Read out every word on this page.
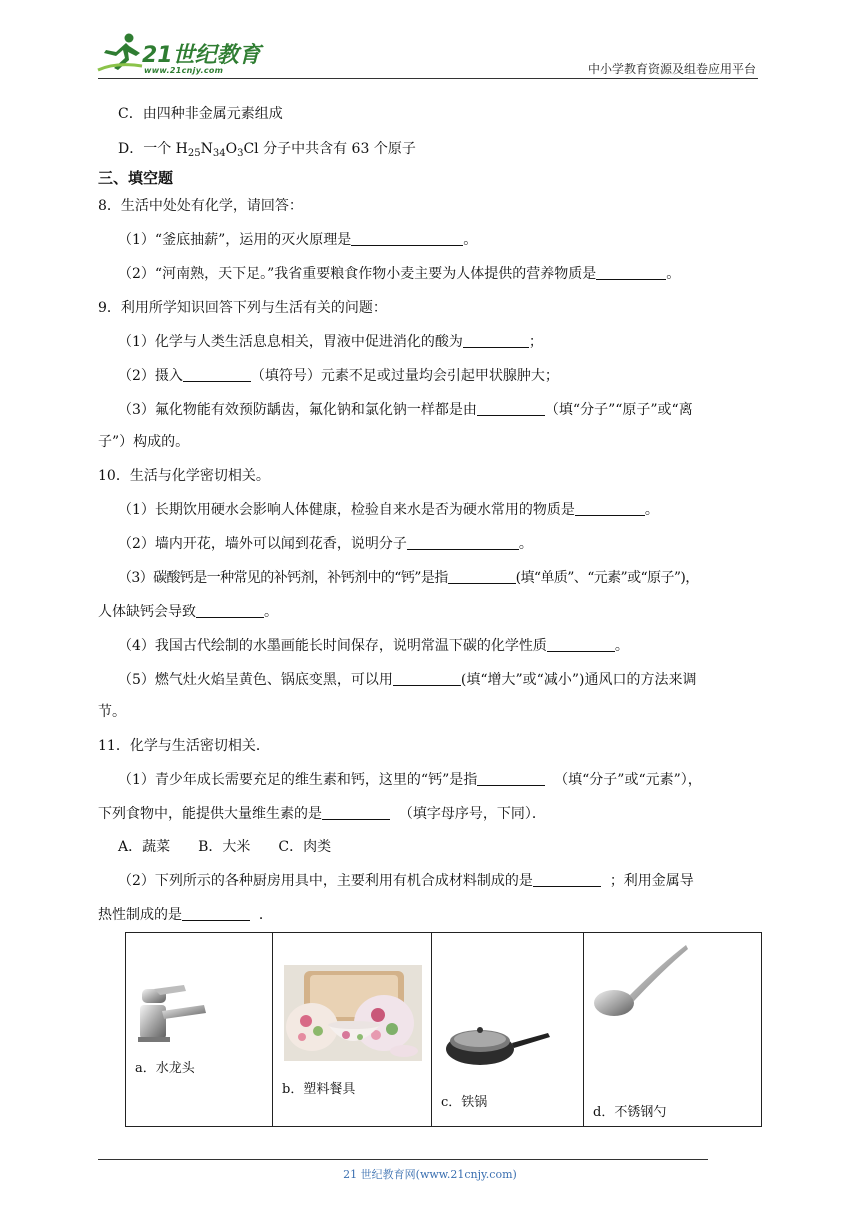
21世纪教育
www.21cnjy.com	中小学教育资源及组卷应用平台
C．由四种非金属元素组成
D．一个 $H_{25}N_{34}O_3Cl$ 分子中共含有 63 个原子
三、填空题
8．生活中处处有化学，请回答：
（1）“釜底抽薪”，运用的灭火原理是	。
（2）“河南熟，天下足。”我省重要粮食作物小麦主要为人体提供的营养物质是	。
9．利用所学知识回答下列与生活有关的问题：
（1）化学与人类生活息息相关，胃液中促进消化的酸为	；
（2）摄入	（填符号）元素不足或过量均会引起甲状腺肿大；
（3）氟化物能有效预防龋齿，氟化钠和氯化钠一样都是由	（填“分子”“原子”或“离
子”）构成的。
10．生活与化学密切相关。
（1）长期饮用硬水会影响人体健康，检验自来水是否为硬水常用的物质是	。
（2）墙内开花，墙外可以闻到花香，说明分子	。
（3）碳酸钙是一种常见的补钙剂，补钙剂中的“钙”是指	(填“单质”、“元素”或“原子”)，
人体缺钙会导致	。
（4）我国古代绘制的水墨画能长时间保存，说明常温下碳的化学性质	。
（5）燃气灶火焰呈黄色、锅底变黑，可以用	(填“增大”或“减小”)通风口的方法来调
节。
11．化学与生活密切相关．
（1）青少年成长需要充足的维生素和钙，这里的“钙”是指	（填“分子”或“元素”），
下列食物中，能提供大量维生素的是	（填字母序号，下同）．
A．蔬菜　　B．大米　　C．肉类
（2）下列所示的各种厨房用具中，主要利用有机合成材料制成的是	；利用金属导
热性制成的是	．
a．水龙头

b．塑料餐具

c．铁锅

d．不锈钢勺
21 世纪教育网(www.21cnjy.com)
